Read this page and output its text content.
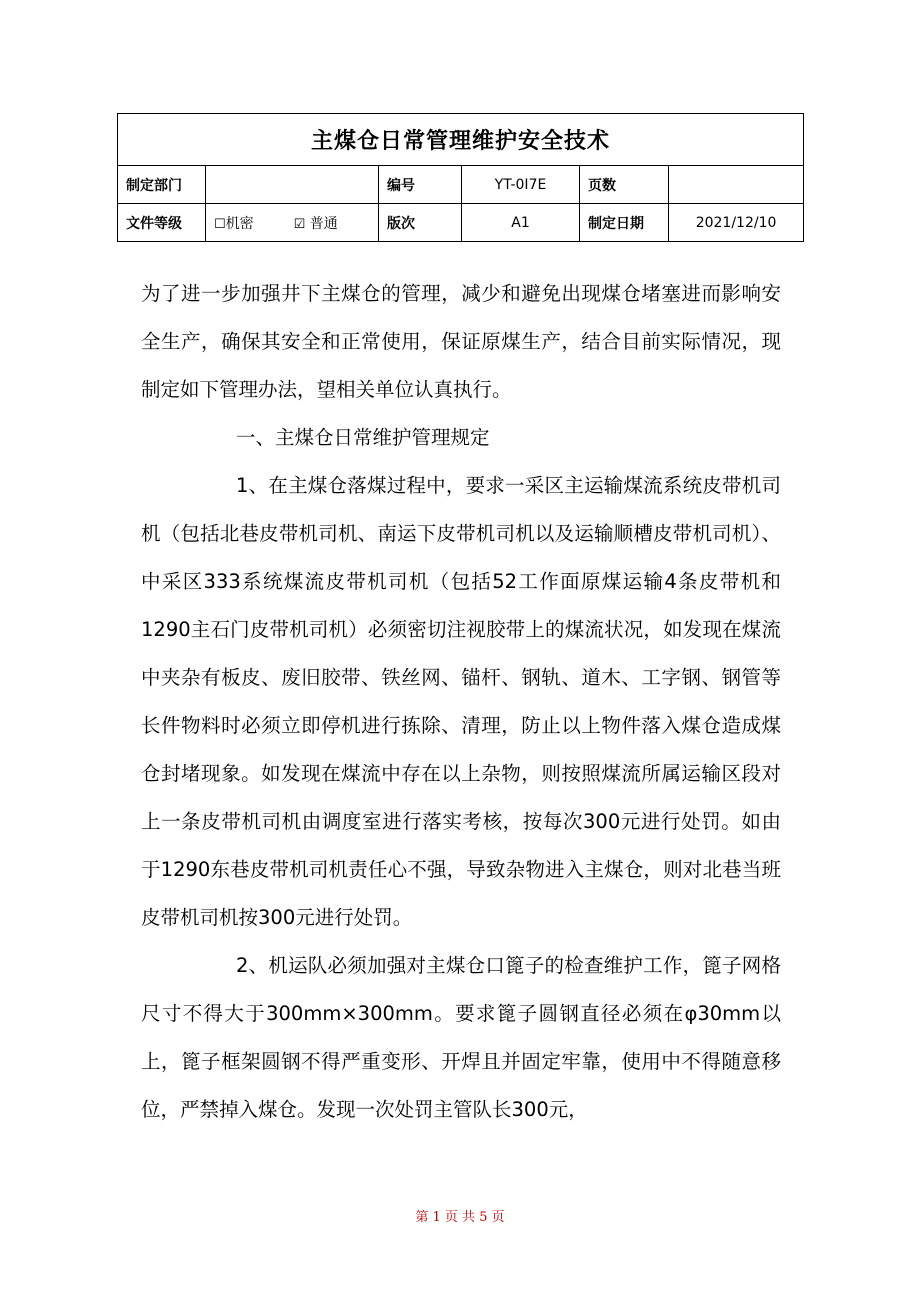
主煤仓日常管理维护安全技术					
制定部门		编号	YT-0I7E	页数	
文件等级	☐机密 ☑ 普通	版次	A1	制定日期	2021/12/10

为了进一步加强井下主煤仓的管理，减少和避免出现煤仓堵塞进而影响安全生产，确保其安全和正常使用，保证原煤生产，结合目前实际情况，现制定如下管理办法，望相关单位认真执行。

一、主煤仓日常维护管理规定

1、在主煤仓落煤过程中，要求一采区主运输煤流系统皮带机司机（包括北巷皮带机司机、南运下皮带机司机以及运输顺槽皮带机司机）、中采区333系统煤流皮带机司机（包括52工作面原煤运输4条皮带机和1290主石门皮带机司机）必须密切注视胶带上的煤流状况，如发现在煤流中夹杂有板皮、废旧胶带、铁丝网、锚杆、钢轨、道木、工字钢、钢管等长件物料时必须立即停机进行拣除、清理，防止以上物件落入煤仓造成煤仓封堵现象。如发现在煤流中存在以上杂物，则按照煤流所属运输区段对上一条皮带机司机由调度室进行落实考核，按每次300元进行处罚。如由于1290东巷皮带机司机责任心不强，导致杂物进入主煤仓，则对北巷当班皮带机司机按300元进行处罚。

2、机运队必须加强对主煤仓口篦子的检查维护工作，篦子网格尺寸不得大于300mm×300mm。要求篦子圆钢直径必须在φ30mm以上，篦子框架圆钢不得严重变形、开焊且并固定牢靠，使用中不得随意移位，严禁掉入煤仓。发现一次处罚主管队长300元，

第 1 页 共 5 页
